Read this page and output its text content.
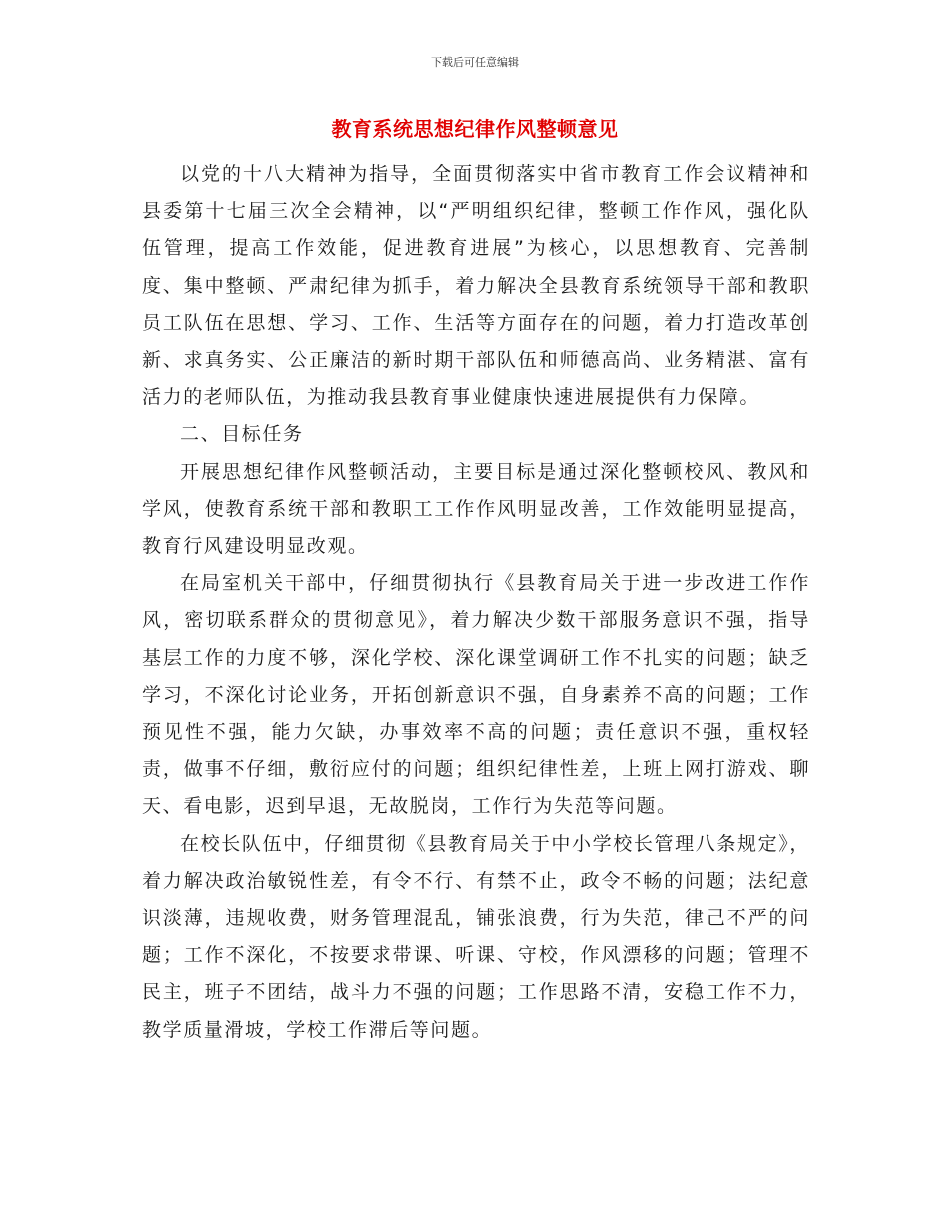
下载后可任意编辑
教育系统思想纪律作风整顿意见

以党的十八大精神为指导，全面贯彻落实中省市教育工作会议精神和县委第十七届三次全会精神，以“严明组织纪律，整顿工作作风，强化队伍管理，提高工作效能，促进教育进展”为核心，以思想教育、完善制度、集中整顿、严肃纪律为抓手，着力解决全县教育系统领导干部和教职员工队伍在思想、学习、工作、生活等方面存在的问题，着力打造改革创新、求真务实、公正廉洁的新时期干部队伍和师德高尚、业务精湛、富有活力的老师队伍，为推动我县教育事业健康快速进展提供有力保障。

二、目标任务

开展思想纪律作风整顿活动，主要目标是通过深化整顿校风、教风和学风，使教育系统干部和教职工工作作风明显改善，工作效能明显提高，教育行风建设明显改观。

在局室机关干部中，仔细贯彻执行《县教育局关于进一步改进工作作风，密切联系群众的贯彻意见》，着力解决少数干部服务意识不强，指导基层工作的力度不够，深化学校、深化课堂调研工作不扎实的问题；缺乏学习，不深化讨论业务，开拓创新意识不强，自身素养不高的问题；工作预见性不强，能力欠缺，办事效率不高的问题；责任意识不强，重权轻责，做事不仔细，敷衍应付的问题；组织纪律性差，上班上网打游戏、聊天、看电影，迟到早退，无故脱岗，工作行为失范等问题。

在校长队伍中，仔细贯彻《县教育局关于中小学校长管理八条规定》，着力解决政治敏锐性差，有令不行、有禁不止，政令不畅的问题；法纪意识淡薄，违规收费，财务管理混乱，铺张浪费，行为失范，律己不严的问题；工作不深化，不按要求带课、听课、守校，作风漂移的问题；管理不民主，班子不团结，战斗力不强的问题；工作思路不清，安稳工作不力，教学质量滑坡，学校工作滞后等问题。
